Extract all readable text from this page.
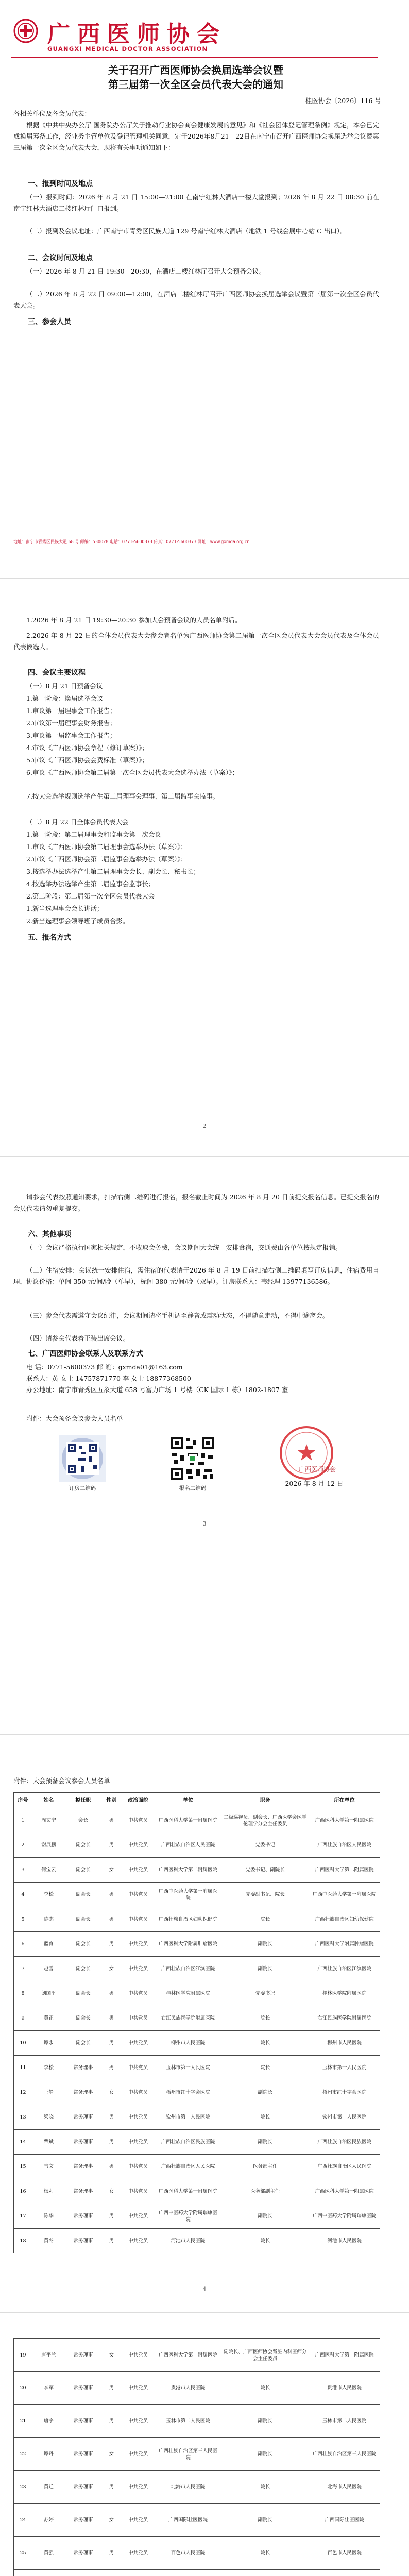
广西医师协会
GUANGXI MEDICAL DOCTOR ASSOCIATION
关于召开广西医师协会换届选举会议暨
第三届第一次全区会员代表大会的通知
桂医协会〔2026〕116 号
各相关单位及各会员代表：
根据《中共中央办公厅 国务院办公厅关于推动行业协会商会健康发展的意见》和《社会团体登记管理条例》规定，本会已完成换届筹备工作，经业务主管单位及登记管理机关同意，定于2026年8月21—22日在南宁市召开广西医师协会换届选举会议暨第三届第一次全区会员代表大会，现将有关事项通知如下：
一、报到时间及地点
（一）报到时间：2026 年 8 月 21 日 15:00—21:00 在南宁红林大酒店一楼大堂报到；2026 年 8 月 22 日 08:30 前在南宁红林大酒店二楼红林厅门口报到。
（二）报到及会议地址：广西南宁市青秀区民族大道 129 号南宁红林大酒店（地铁 1 号线会展中心站 C 出口）。
二、会议时间及地点
（一）2026 年 8 月 21 日 19:30—20:30，在酒店二楼红林厅召开大会预备会议。
（二）2026 年 8 月 22 日 09:00—12:00，在酒店二楼红林厅召开广西医师协会换届选举会议暨第三届第一次全区会员代表大会。
三、参会人员
地址：南宁市青秀区民族大道 68 号 邮编：530028 电话：0771-5600373 传真：0771-5600373 网址：www.gxmda.org.cn
1.2026 年 8 月 21 日 19:30—20:30 参加大会预备会议的人员名单附后。
2.2026 年 8 月 22 日的全体会员代表大会参会者名单为广西医师协会第二届第一次全区会员代表大会会员代表及全体会员代表候选人。
四、会议主要议程
（一）8 月 21 日预备会议
1.第一阶段：换届选举会议
1.审议第一届理事会工作报告；
2.审议第一届理事会财务报告；
3.审议第一届监事会工作报告；
4.审议《广西医师协会章程（修订草案）》；
5.审议《广西医师协会会费标准（草案）》；
6.审议《广西医师协会第二届第一次全区会员代表大会选举办法（草案）》；
7.按大会选举规则选举产生第二届理事会理事、第二届监事会监事。
（二）8 月 22 日全体会员代表大会
1.第一阶段：第二届理事会和监事会第一次会议
1.审议《广西医师协会第二届理事会选举办法（草案）》；
2.审议《广西医师协会第二届监事会选举办法（草案）》；
3.按选举办法选举产生第二届理事会会长、副会长、秘书长；
4.按选举办法选举产生第二届监事会监事长；
2.第二阶段：第二届第一次全区会员代表大会
1.新当选理事会会长讲话；
2.新当选理事会领导班子成员合影。
五、报名方式
2
请参会代表按照通知要求，扫描右侧二维码进行报名，报名截止时间为 2026 年 8 月 20 日前提交报名信息。已提交报名的会员代表请勿重复提交。
六、其他事项
（一）会议严格执行国家相关规定，不收取会务费，会议期间大会统一安排食宿，交通费由各单位按规定报销。
（二）住宿安排：会议统一安排住宿，需住宿的代表请于2026 年 8 月 19 日前扫描右侧二维码填写订房信息，住宿费用自理，协议价格：单间 350 元/间/晚（单早），标间 380 元/间/晚（双早）。订房联系人：韦经理 13977136586。
（三）参会代表需遵守会议纪律，会议期间请将手机调至静音或震动状态，不得随意走动，不得中途离会。
（四）请参会代表着正装出席会议。
七、广西医师协会联系人及联系方式
电 话：0771-5600373 邮 箱：gxmda01@163.com
联系人：黄 女士 14757871770 李 女士 18877368500
办公地址：南宁市青秀区五象大道 658 号富力广场 1 号楼（CK 国际 1 栋）1802-1807 室
附件：大会预备会议参会人员名单
订房二维码	报名二维码
广西医师协会
2026 年 8 月 12 日
3
附件：大会预备会议参会人员名单
序号	姓名	拟任职	性别	政治面貌	单位	职务	所在单位
1	周丈宁	会长	男	中共党员	广西医科大学第一附属医院	二级巡视员、副会长、广西医学会医学伦理学分会主任委员	广西医科大学第一附属医院
2	谢展鹏	副会长	男	中共党员	广西壮族自治区人民医院	党委书记	广西壮族自治区人民医院
3	何宝云	副会长	女	中共党员	广西医科大学第二附属医院	党委书记、副院长	广西医科大学第二附属医院
4	李松	副会长	男	中共党员	广西中医药大学第一附属医院	党委副书记、院长	广西中医药大学第一附属医院
5	陈杰	副会长	男	中共党员	广西壮族自治区妇幼保健院	院长	广西壮族自治区妇幼保健院
6	蓝育	副会长	男	中共党员	广西医科大学附属肿瘤医院	副院长	广西医科大学附属肿瘤医院
7	赵雪	副会长	女	中共党员	广西壮族自治区江滨医院	副院长	广西壮族自治区江滨医院
8	刘国平	副会长	男	中共党员	桂林医学院附属医院	党委书记	桂林医学院附属医院
9	黄正	副会长	男	中共党员	右江民族医学院附属医院	院长	右江民族医学院附属医院
10	谭永	副会长	男	中共党员	柳州市人民医院	院长	柳州市人民医院
11	李松	常务理事	男	中共党员	玉林市第一人民医院	院长	玉林市第一人民医院
12	王静	常务理事	女	中共党员	梧州市红十字会医院	副院长	梧州市红十字会医院
13	梁晓	常务理事	男	中共党员	钦州市第一人民医院	院长	钦州市第一人民医院
14	覃斌	常务理事	男	中共党员	广西壮族自治区民族医院	副院长	广西壮族自治区民族医院
15	韦文	常务理事	男	中共党员	广西壮族自治区人民医院	医务部主任	广西壮族自治区人民医院
16	杨莉	常务理事	女	中共党员	广西医科大学第一附属医院	医务部副主任	广西医科大学第一附属医院
17	陈华	常务理事	男	中共党员	广西中医药大学附属瑞康医院	副院长	广西中医药大学附属瑞康医院
18	黄冬	常务理事	男	中共党员	河池市人民医院	院长	河池市人民医院
4
19	唐平兰	常务理事	女	中共党员	广西医科大学第一附属医院	副院长、广西医师协会肾脏内科医师分会主任委员	广西医科大学第一附属医院
20	李军	常务理事	男	中共党员	贵港市人民医院	院长	贵港市人民医院
21	唐宇	常务理事	男	中共党员	玉林市第二人民医院	副院长	玉林市第二人民医院
22	谭丹	常务理事	女	中共党员	广西壮族自治区第三人民医院	副院长	广西壮族自治区第三人民医院
23	黄迁	常务理事	男	中共党员	北海市人民医院	院长	北海市人民医院
24	苏婷	常务理事	女	中共党员	广西国际壮医医院	副院长	广西国际壮医医院
25	黄强	常务理事	男	中共党员	百色市人民医院	院长	百色市人民医院
